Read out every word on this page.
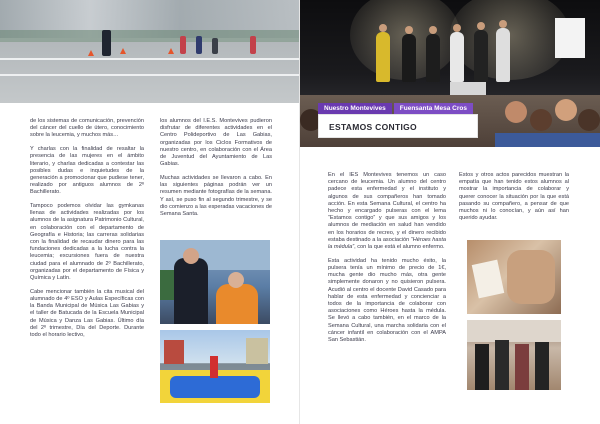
de los sistemas de comunicación, prevención del cáncer del cuello de útero, conocimiento sobre la leucemia, y muchos más…

Y charlas con la finalidad de resaltar la presencia de las mujeres en el ámbito literario, y charlas dedicadas a contestar las posibles dudas e inquietudes de la generación a promocionar que pudiese tener, realizado por antiguos alumnos de 2º Bachillerato.

Tampoco podemos olvidar las gymkanas llenas de actividades realizadas por los alumnos de la asignatura Patrimonio Cultural, en colaboración con el departamento de Geografía e Historia; las carreras solidarias con la finalidad de recaudar dinero para las fundaciones dedicadas a la lucha contra la leucemia; excursiones fuera de nuestra ciudad para el alumnado de 2º Bachillerato, organizadas por el departamento de Física y Química y Latín.

Cabe mencionar también la cita musical del alumnado de 4º ESO y Aulas Específicas con la Banda Municipal de Música Las Gabias y el taller de Batucada de la Escuela Municipal de Música y Danza Las Gabias. Último día del 2º trimestre, Día del Deporte. Durante todo el horario lectivo,

los alumnos del I.E.S. Montevives pudieron disfrutar de diferentes actividades en el Centro Polideportivo de Las Gabias, organizadas por los Ciclos Formativos de nuestro centro, en colaboración con el Área de Juventud del Ayuntamiento de Las Gabias.

Muchas actividades se llevaron a cabo. En las siguientes páginas podrán ver un resumen mediante fotografías de la semana. Y así, se puso fin al segundo trimestre, y se dio comienzo a las esperadas vacaciones de Semana Santa.

Nuestro Montevives	Fuensanta Mesa Cros
ESTAMOS CONTIGO

En el IES Montevives tenemos un caso cercano de leucemia. Un alumno del centro padece esta enfermedad y el instituto y algunos de sus compañeros han tomado acción. En esta Semana Cultural, el centro ha hecho y encargado pulseras con el lema “Estamos contigo” y que sus amigos y los alumnos de mediación en salud han vendido en los horarios de recreo, y el dinero recibido estaba destinado a la asociación “Héroes hasta la médula”, con la que está el alumno enfermo.

Esta actividad ha tenido mucho éxito, la pulsera tenía un mínimo de precio de 1€, mucha gente dio mucho más, otra gente simplemente donaron y no quisieron pulsera. Acudió al centro el docente David Casado para hablar de esta enfermedad y concienciar a todos de la importancia de colaborar con asociaciones como Héroes hasta la médula. Se llevó a cabo también, en el marco de la Semana Cultural, una marcha solidaria con el cáncer infantil en colaboración con el AMPA San Sebastián.

Estos y otros actos parecidos muestran la empatía que han tenido estos alumnos al mostrar la importancia de colaborar y querer conocer la situación por la que está pasando su compañero, a pensar de que muchos ni lo conocían, y aún así han querido ayudar.
